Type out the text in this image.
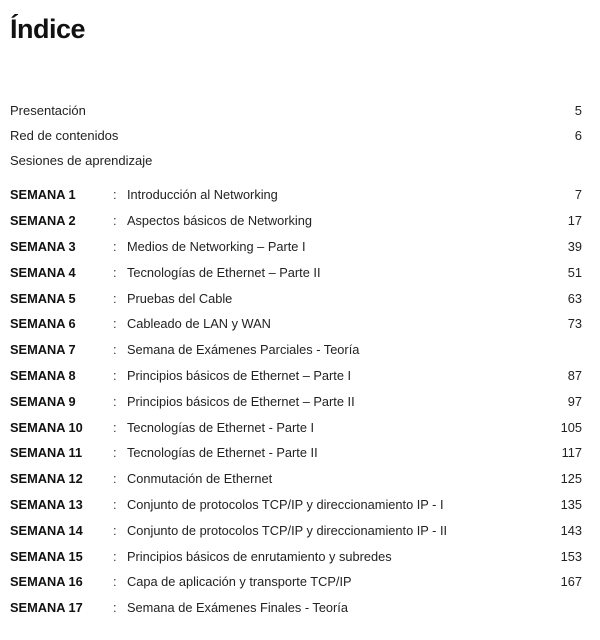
Índice
Presentación	5
Red de contenidos	6
Sesiones de aprendizaje
SEMANA 1	: Introducción al Networking	7
SEMANA 2	: Aspectos básicos de Networking	17
SEMANA 3	: Medios de Networking – Parte I	39
SEMANA 4	: Tecnologías de Ethernet – Parte II	51
SEMANA 5	: Pruebas del Cable	63
SEMANA 6	: Cableado de LAN y WAN	73
SEMANA 7	: Semana de Exámenes Parciales - Teoría
SEMANA 8	: Principios básicos de Ethernet – Parte I	87
SEMANA 9	: Principios básicos de Ethernet – Parte II	97
SEMANA 10	: Tecnologías de Ethernet - Parte I	105
SEMANA 11	: Tecnologías de Ethernet - Parte II	117
SEMANA 12	: Conmutación de Ethernet	125
SEMANA 13	: Conjunto de protocolos TCP/IP y direccionamiento IP - I	135
SEMANA 14	: Conjunto de protocolos TCP/IP y direccionamiento IP - II	143
SEMANA 15	: Principios básicos de enrutamiento y subredes	153
SEMANA 16	: Capa de aplicación y transporte TCP/IP	167
SEMANA 17	: Semana de Exámenes Finales - Teoría
